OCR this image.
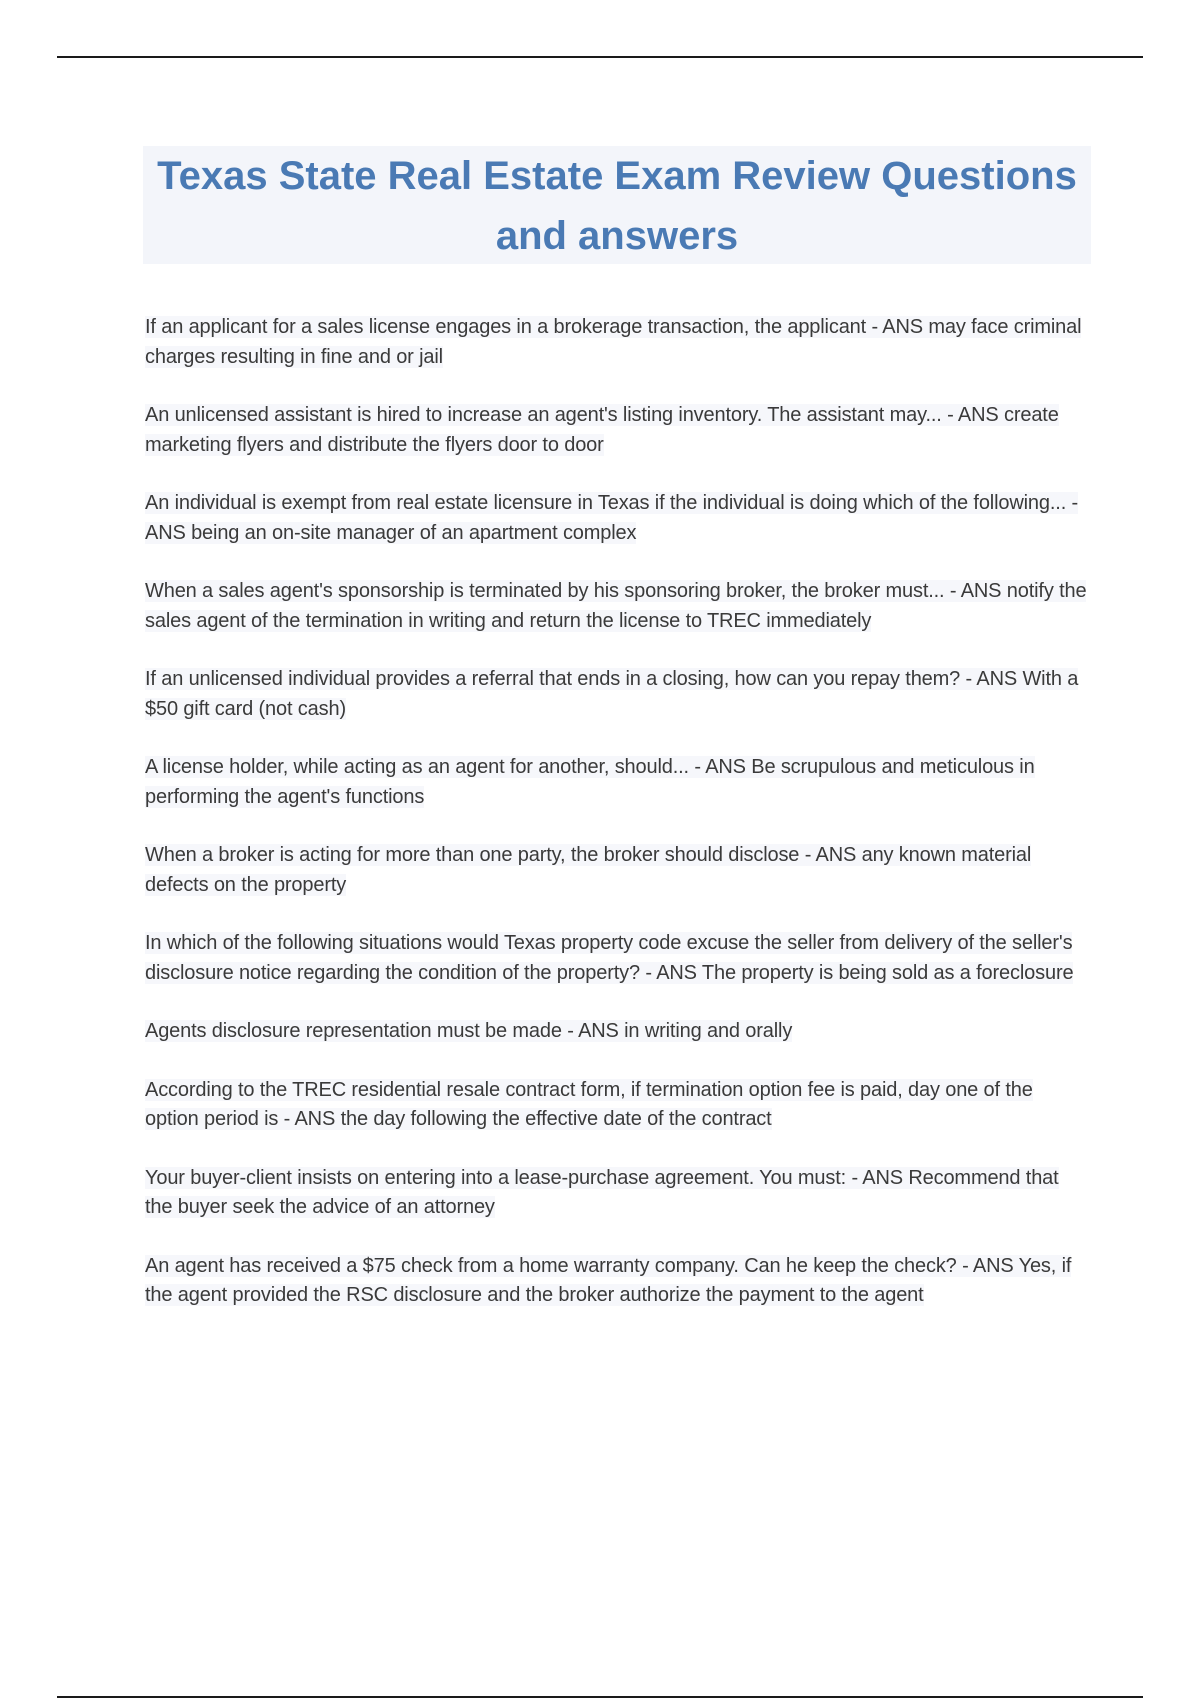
Texas State Real Estate Exam Review Questions and answers
If an applicant for a sales license engages in a brokerage transaction, the applicant - ANS may face criminal charges resulting in fine and or jail
An unlicensed assistant is hired to increase an agent's listing inventory. The assistant may... - ANS create marketing flyers and distribute the flyers door to door
An individual is exempt from real estate licensure in Texas if the individual is doing which of the following... - ANS being an on-site manager of an apartment complex
When a sales agent's sponsorship is terminated by his sponsoring broker, the broker must... - ANS notify the sales agent of the termination in writing and return the license to TREC immediately
If an unlicensed individual provides a referral that ends in a closing, how can you repay them? - ANS With a $50 gift card (not cash)
A license holder, while acting as an agent for another, should... - ANS Be scrupulous and meticulous in performing the agent's functions
When a broker is acting for more than one party, the broker should disclose - ANS any known material defects on the property
In which of the following situations would Texas property code excuse the seller from delivery of the seller's disclosure notice regarding the condition of the property? - ANS The property is being sold as a foreclosure
Agents disclosure representation must be made - ANS in writing and orally
According to the TREC residential resale contract form, if termination option fee is paid, day one of the option period is - ANS the day following the effective date of the contract
Your buyer-client insists on entering into a lease-purchase agreement. You must: - ANS Recommend that the buyer seek the advice of an attorney
An agent has received a $75 check from a home warranty company. Can he keep the check? - ANS Yes, if the agent provided the RSC disclosure and the broker authorize the payment to the agent
